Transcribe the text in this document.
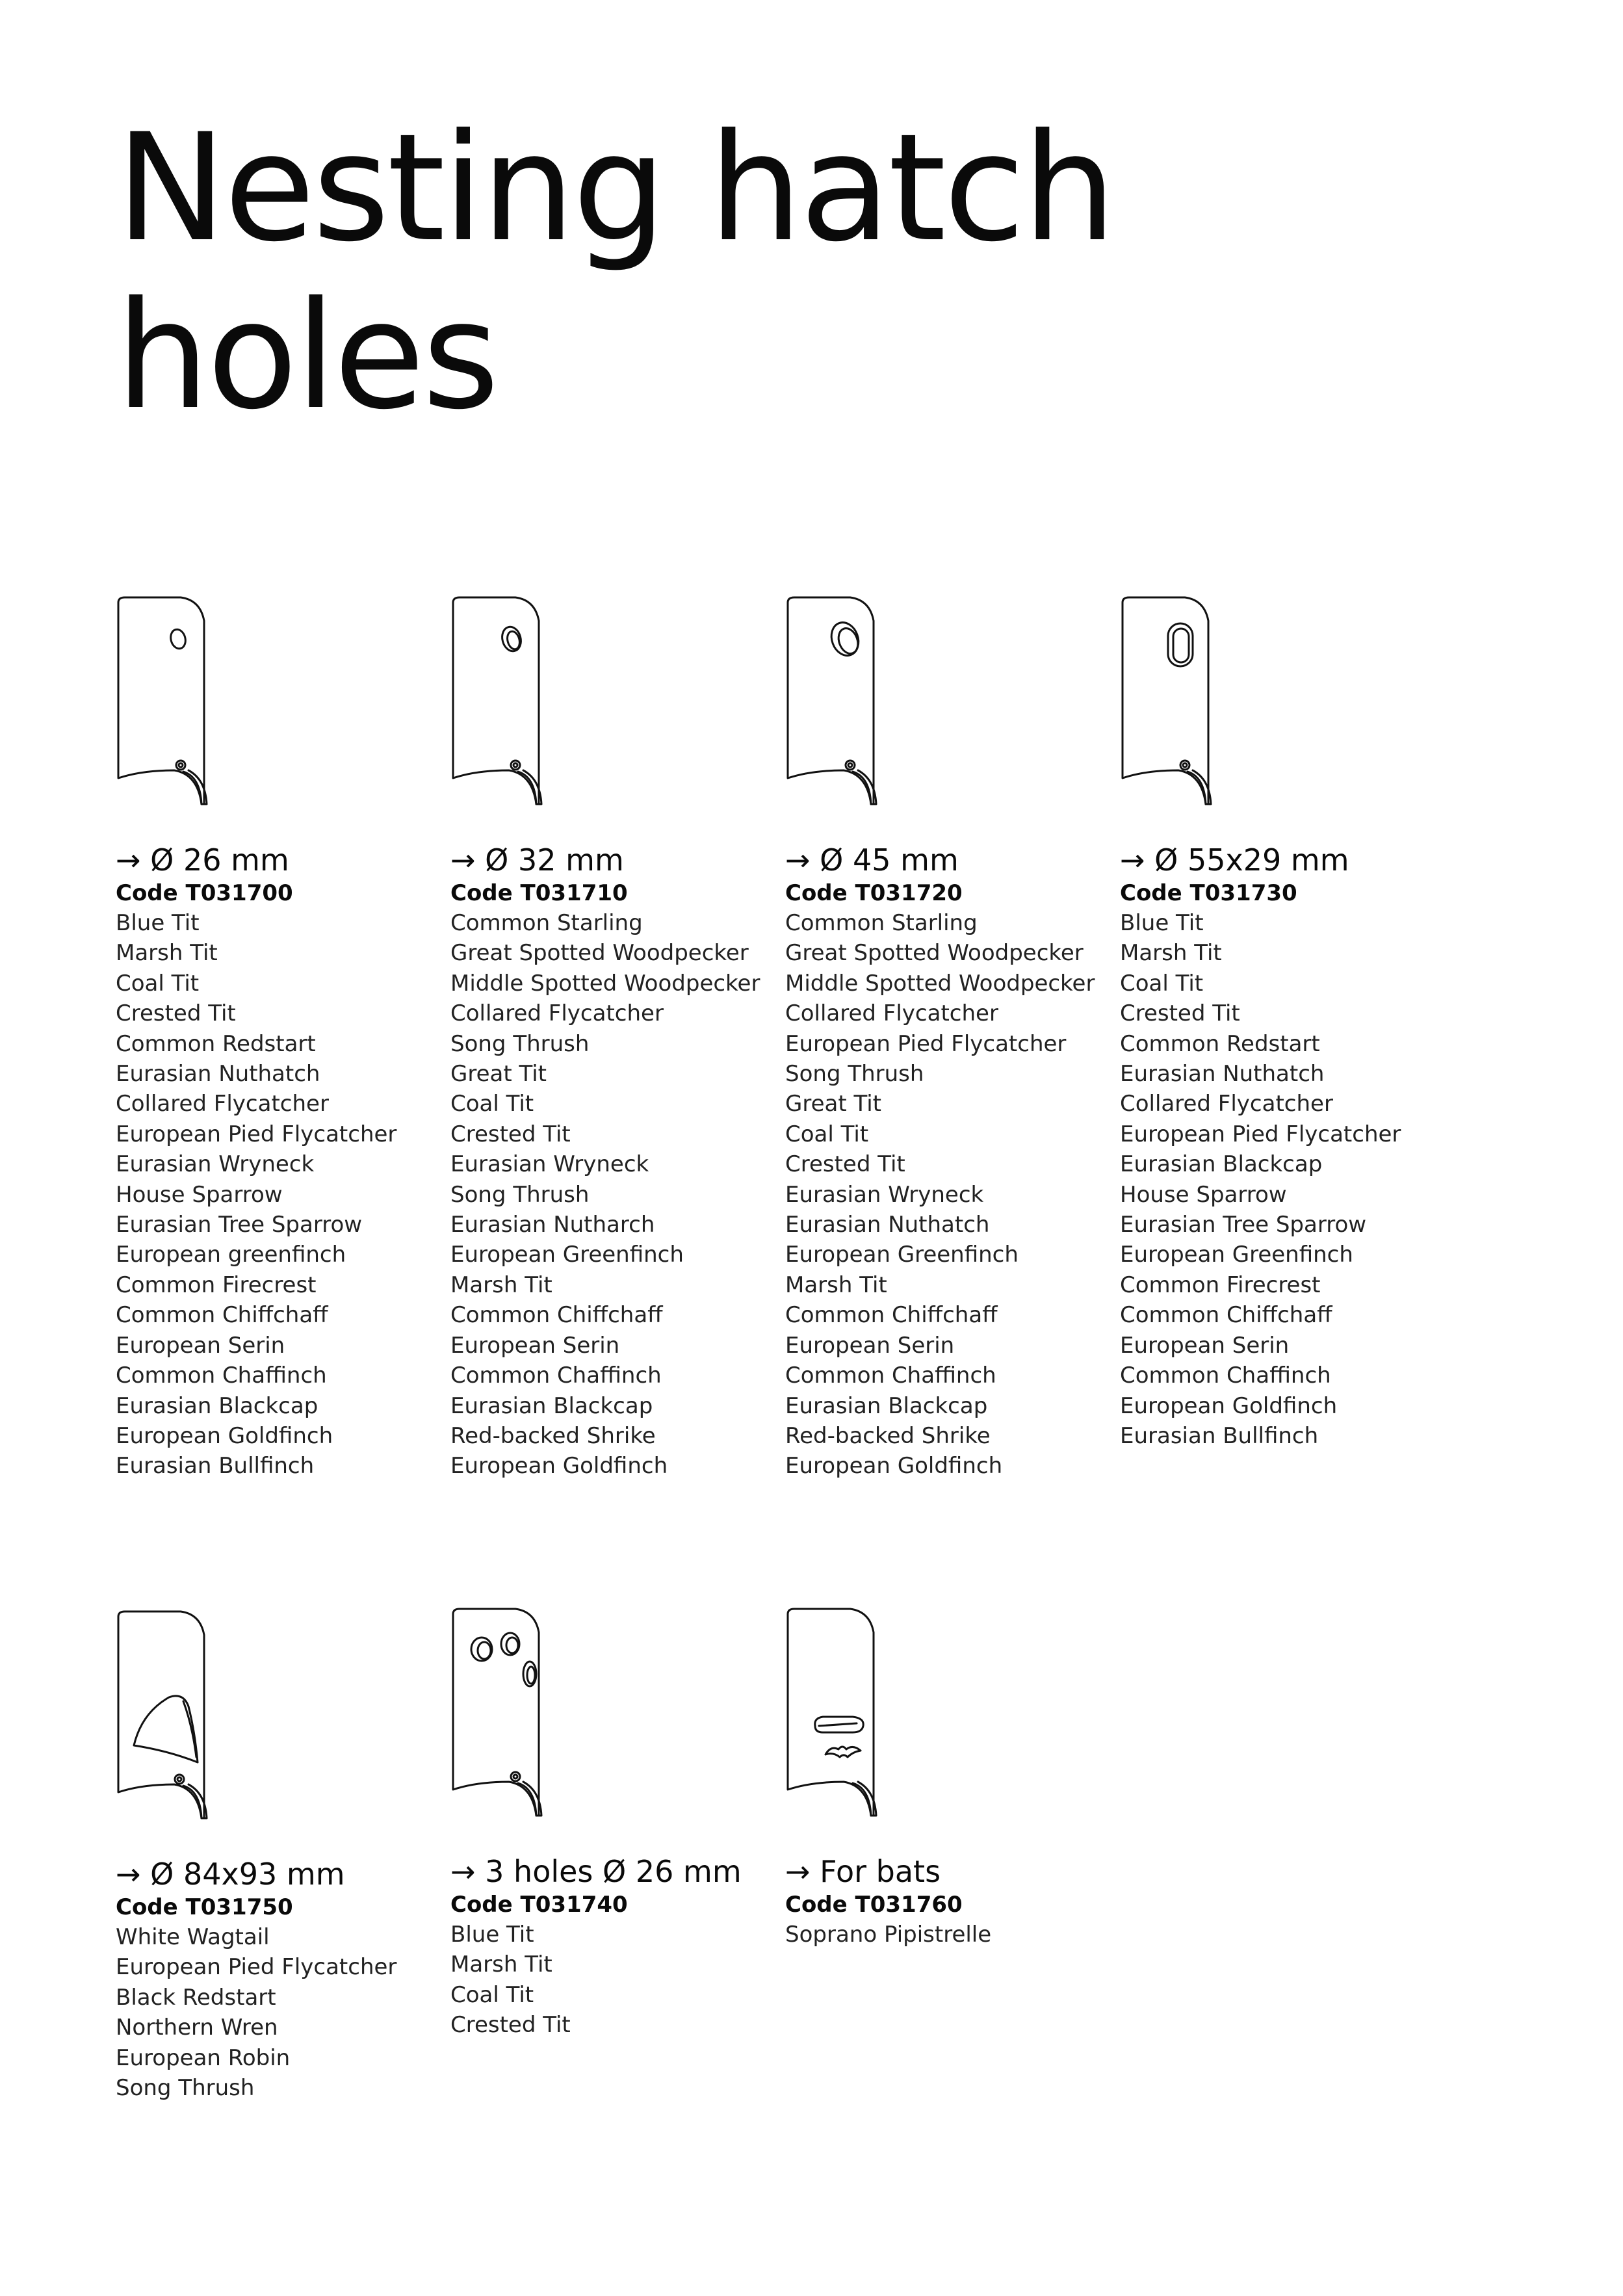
Nesting hatch
holes
→ Ø 26 mm
Code T031700
Blue Tit
Marsh Tit
Coal Tit
Crested Tit
Common Redstart
Eurasian Nuthatch
Collared Flycatcher
European Pied Flycatcher
Eurasian Wryneck
House Sparrow
Eurasian Tree Sparrow
European greenfinch
Common Firecrest
Common Chiffchaff
European Serin
Common Chaffinch
Eurasian Blackcap
European Goldfinch
Eurasian Bullfinch
→ Ø 32 mm
Code T031710
Common Starling
Great Spotted Woodpecker
Middle Spotted Woodpecker
Collared Flycatcher
Song Thrush
Great Tit
Coal Tit
Crested Tit
Eurasian Wryneck
Song Thrush
Eurasian Nutharch
European Greenfinch
Marsh Tit
Common Chiffchaff
European Serin
Common Chaffinch
Eurasian Blackcap
Red-backed Shrike
European Goldfinch
→ Ø 45 mm
Code T031720
Common Starling
Great Spotted Woodpecker
Middle Spotted Woodpecker
Collared Flycatcher
European Pied Flycatcher
Song Thrush
Great Tit
Coal Tit
Crested Tit
Eurasian Wryneck
Eurasian Nuthatch
European Greenfinch
Marsh Tit
Common Chiffchaff
European Serin
Common Chaffinch
Eurasian Blackcap
Red-backed Shrike
European Goldfinch
→ Ø 55x29 mm
Code T031730
Blue Tit
Marsh Tit
Coal Tit
Crested Tit
Common Redstart
Eurasian Nuthatch
Collared Flycatcher
European Pied Flycatcher
Eurasian Blackcap
House Sparrow
Eurasian Tree Sparrow
European Greenfinch
Common Firecrest
Common Chiffchaff
European Serin
Common Chaffinch
European Goldfinch
Eurasian Bullfinch
→ Ø 84x93 mm
Code T031750
White Wagtail
European Pied Flycatcher
Black Redstart
Northern Wren
European Robin
Song Thrush
→ 3 holes Ø 26 mm
Code T031740
Blue Tit
Marsh Tit
Coal Tit
Crested Tit
→ For bats
Code T031760
Soprano Pipistrelle
